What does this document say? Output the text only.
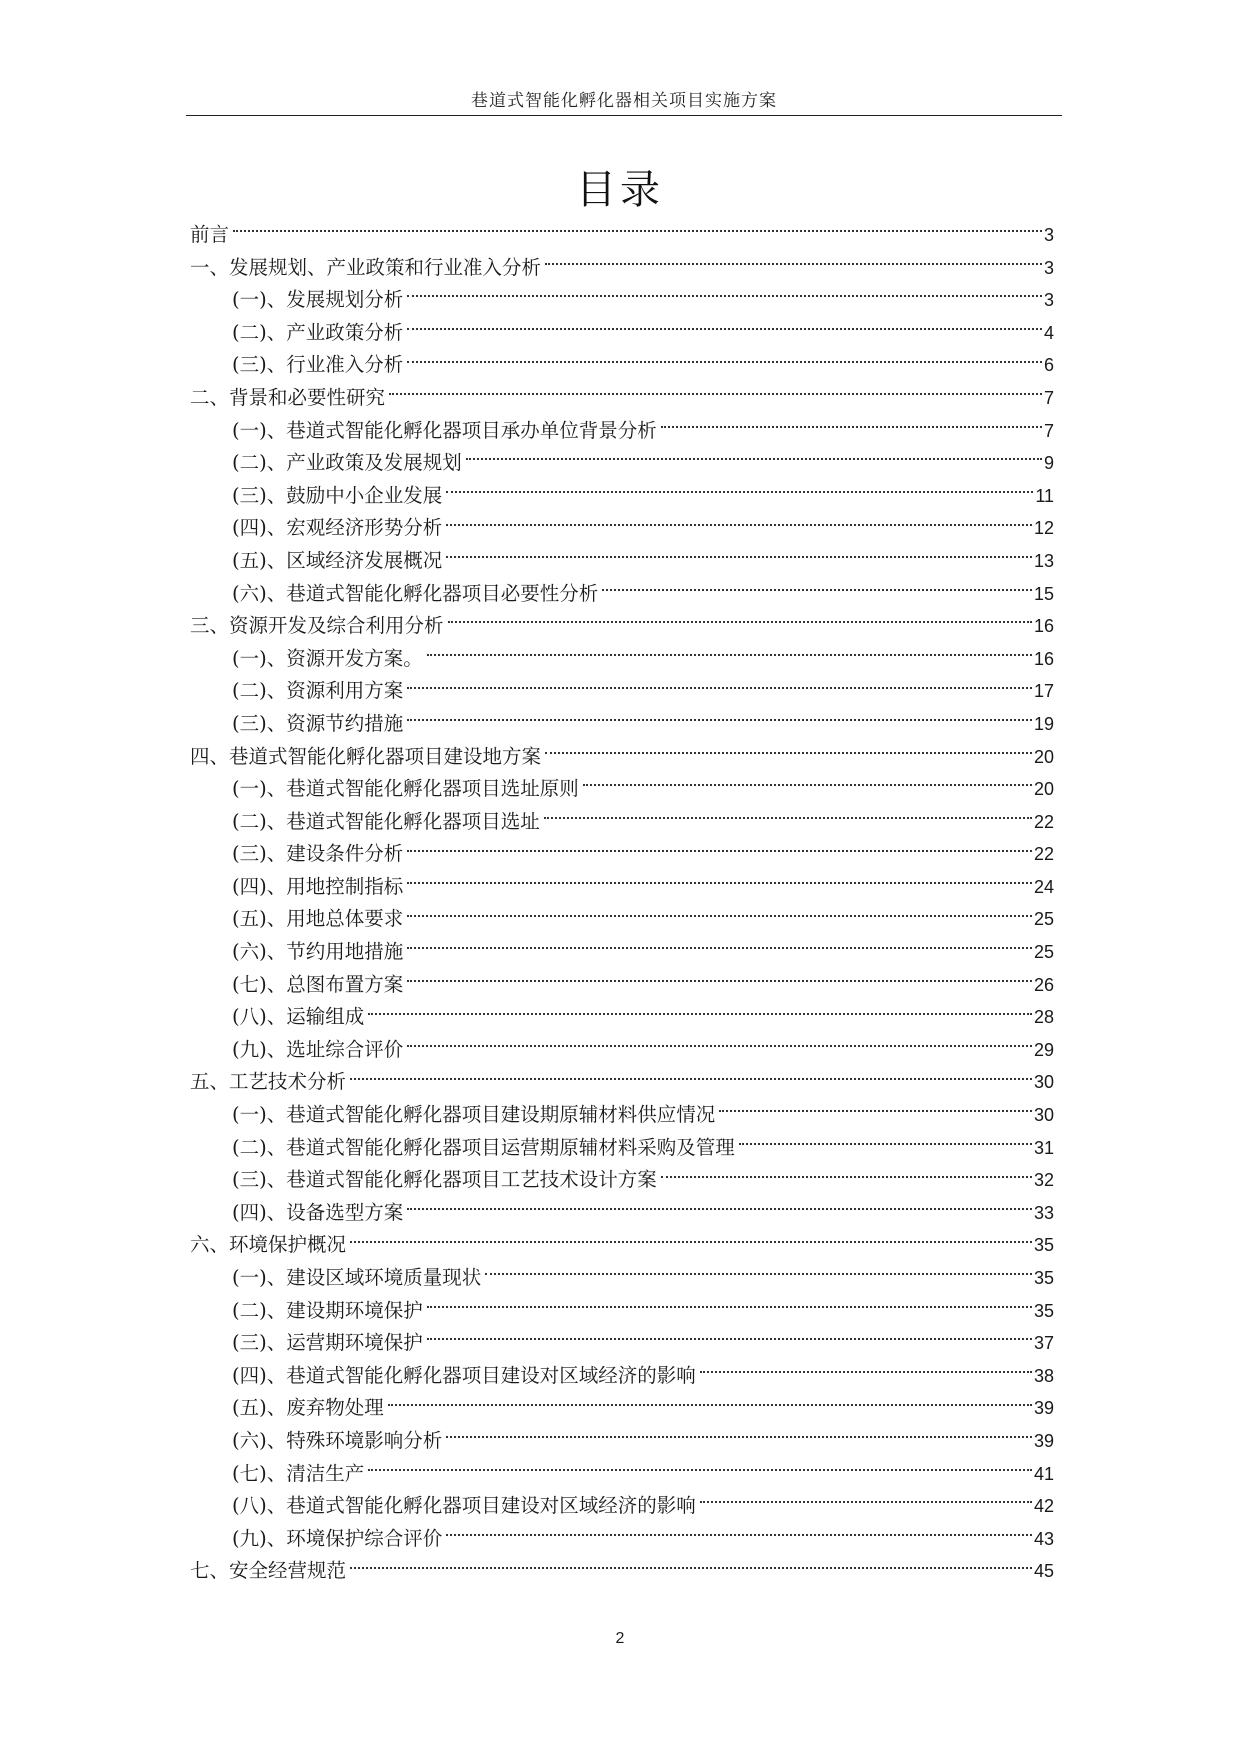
巷道式智能化孵化器相关项目实施方案
目录
前言	3
一、发展规划、产业政策和行业准入分析	3
(一)、发展规划分析	3
(二)、产业政策分析	4
(三)、行业准入分析	6
二、背景和必要性研究	7
(一)、巷道式智能化孵化器项目承办单位背景分析	7
(二)、产业政策及发展规划	9
(三)、鼓励中小企业发展	11
(四)、宏观经济形势分析	12
(五)、区域经济发展概况	13
(六)、巷道式智能化孵化器项目必要性分析	15
三、资源开发及综合利用分析	16
(一)、资源开发方案。	16
(二)、资源利用方案	17
(三)、资源节约措施	19
四、巷道式智能化孵化器项目建设地方案	20
(一)、巷道式智能化孵化器项目选址原则	20
(二)、巷道式智能化孵化器项目选址	22
(三)、建设条件分析	22
(四)、用地控制指标	24
(五)、用地总体要求	25
(六)、节约用地措施	25
(七)、总图布置方案	26
(八)、运输组成	28
(九)、选址综合评价	29
五、工艺技术分析	30
(一)、巷道式智能化孵化器项目建设期原辅材料供应情况	30
(二)、巷道式智能化孵化器项目运营期原辅材料采购及管理	31
(三)、巷道式智能化孵化器项目工艺技术设计方案	32
(四)、设备选型方案	33
六、环境保护概况	35
(一)、建设区域环境质量现状	35
(二)、建设期环境保护	35
(三)、运营期环境保护	37
(四)、巷道式智能化孵化器项目建设对区域经济的影响	38
(五)、废弃物处理	39
(六)、特殊环境影响分析	39
(七)、清洁生产	41
(八)、巷道式智能化孵化器项目建设对区域经济的影响	42
(九)、环境保护综合评价	43
七、安全经营规范	45
2
